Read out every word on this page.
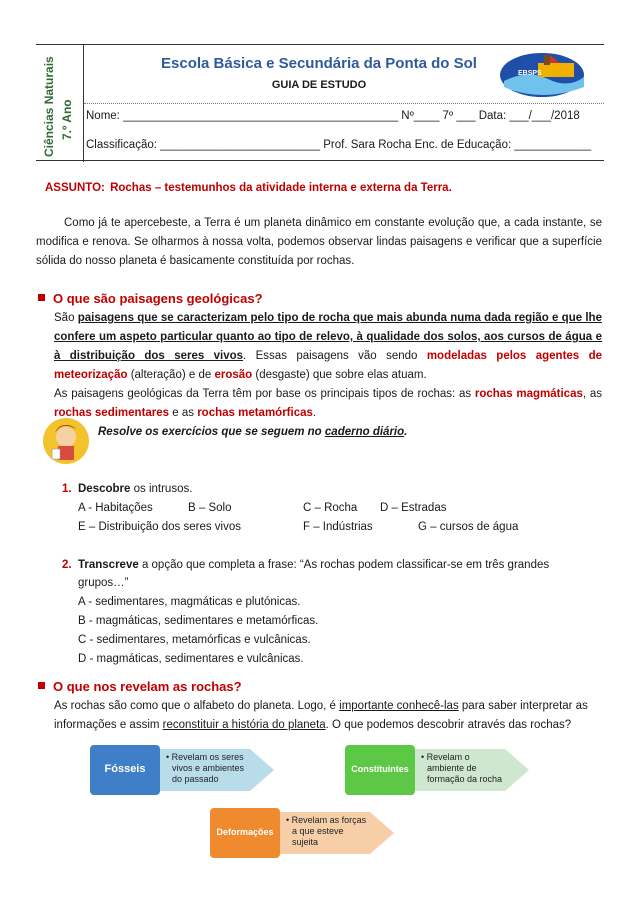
Ciências Naturais 7.º Ano
Escola Básica e Secundária da Ponta do Sol
GUIA DE ESTUDO
EBSPS
Nome: ___________________________________________ Nº____ 7º ___ Data: ___/___/2018
Classificação: _________________________ Prof. Sara Rocha Enc. de Educação: ____________
ASSUNTO: Rochas – testemunhos da atividade interna e externa da Terra.
Como já te apercebeste, a Terra é um planeta dinâmico em constante evolução que, a cada instante, se modifica e renova. Se olharmos à nossa volta, podemos observar lindas paisagens e verificar que a superfície sólida do nosso planeta é basicamente constituída por rochas.
O que são paisagens geológicas?
São paisagens que se caracterizam pelo tipo de rocha que mais abunda numa dada região e que lhe confere um aspeto particular quanto ao tipo de relevo, à qualidade dos solos, aos cursos de água e à distribuição dos seres vivos. Essas paisagens vão sendo modeladas pelos agentes de meteorização (alteração) e de erosão (desgaste) que sobre elas atuam.
As paisagens geológicas da Terra têm por base os principais tipos de rochas: as rochas magmáticas, as rochas sedimentares e as rochas metamórficas.
Resolve os exercícios que se seguem no caderno diário.
1. Descobre os intrusos.
A - Habitações	B – Solo	C – Rocha D – Estradas
E – Distribuição dos seres vivos	F – Indústrias	G – cursos de água
2. Transcreve a opção que completa a frase: “As rochas podem classificar-se em três grandes
grupos…”
A - sedimentares, magmáticas e plutónicas.
B - magmáticas, sedimentares e metamórficas.
C - sedimentares, metamórficas e vulcânicas.
D - magmáticas, sedimentares e vulcânicas.
O que nos revelam as rochas?
As rochas são como que o alfabeto do planeta. Logo, é importante conhecê-las para saber interpretar as
informações e assim reconstituir a história do planeta. O que podemos descobrir através das rochas?
Fósseis
• Revelam os seres
vivos e ambientes
do passado
Constituintes
• Revelam o
ambiente de
formação da rocha
Deformações
• Revelam as forças
a que esteve
sujeita
